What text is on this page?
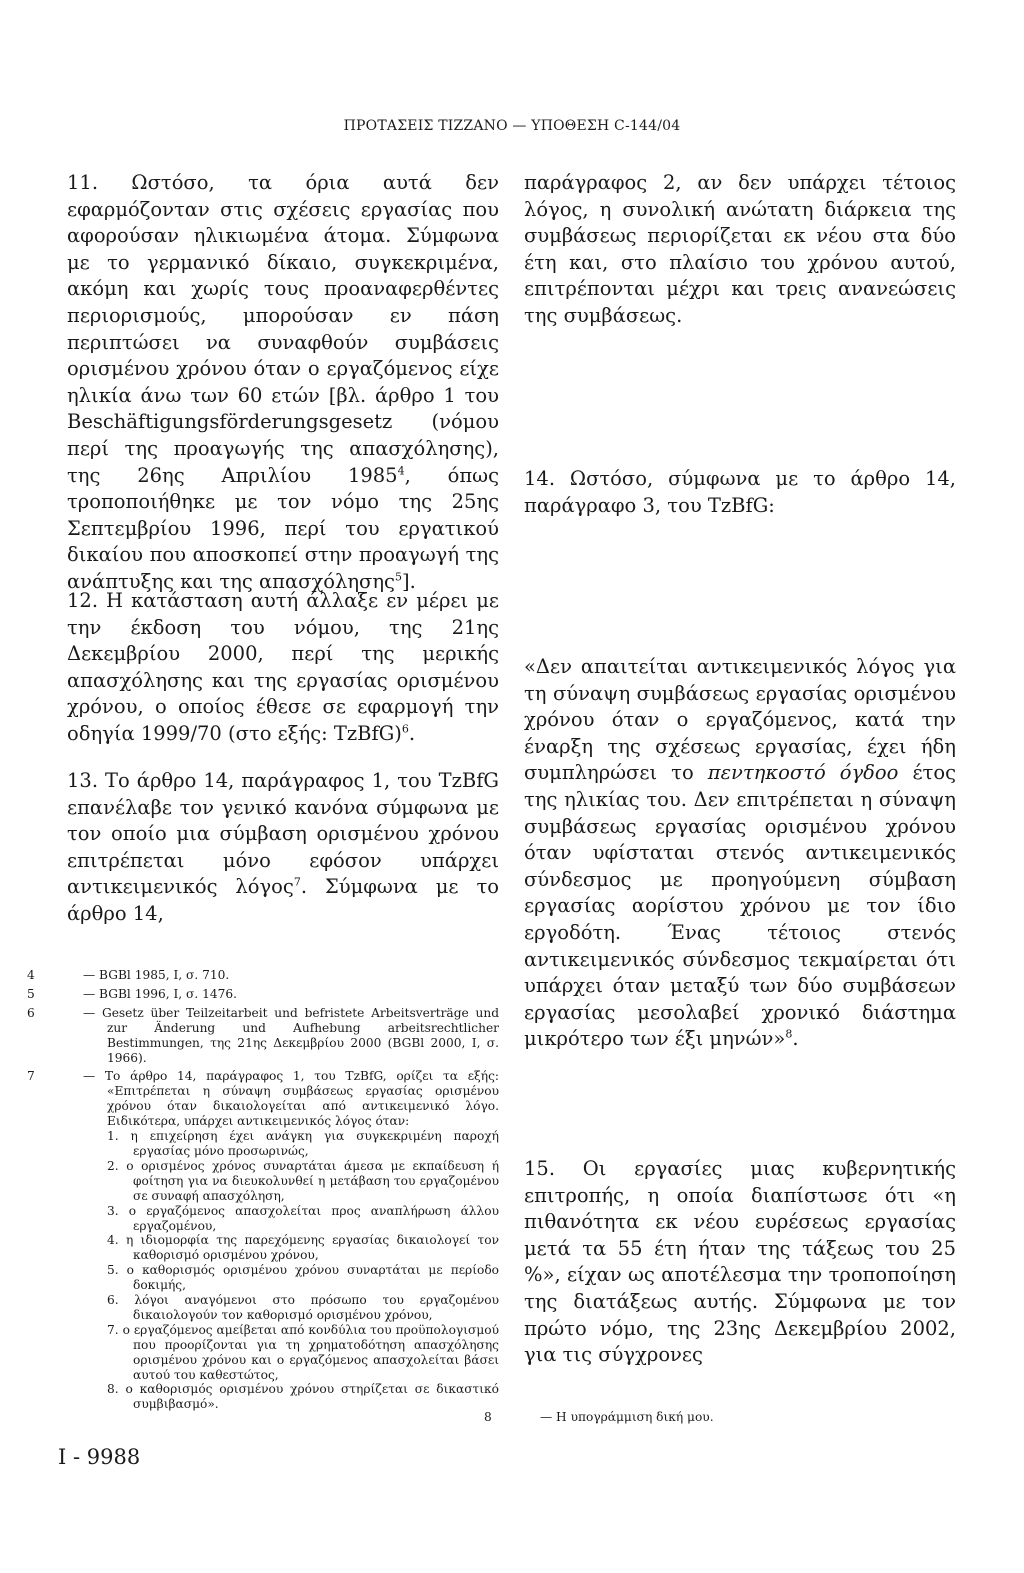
ΠΡΟΤΑΣΕΙΣ ΤΙΖΖΑΝΟ — ΥΠΟΘΕΣΗ C-144/04

11. Ωστόσο, τα όρια αυτά δεν εφαρμόζονταν στις σχέσεις εργασίας που αφορούσαν ηλικιωμένα άτομα. Σύμφωνα με το γερμανικό δίκαιο, συγκεκριμένα, ακόμη και χωρίς τους προαναφερθέντες περιορισμούς, μπορούσαν εν πάση περιπτώσει να συναφθούν συμβάσεις ορισμένου χρόνου όταν ο εργαζόμενος είχε ηλικία άνω των 60 ετών [βλ. άρθρο 1 του Beschäftigungsförderungsgesetz (νόμου περί της προαγωγής της απασχόλησης), της 26ης Απριλίου 1985$^4$, όπως τροποποιήθηκε με τον νόμο της 25ης Σεπτεμβρίου 1996, περί του εργατικού δικαίου που αποσκοπεί στην προαγωγή της ανάπτυξης και της απασχόλησης$^5$].

12. Η κατάσταση αυτή άλλαξε εν μέρει με την έκδοση του νόμου, της 21ης Δεκεμβρίου 2000, περί της μερικής απασχόλησης και της εργασίας ορισμένου χρόνου, ο οποίος έθεσε σε εφαρμογή την οδηγία 1999/70 (στο εξής: TzBfG)$^6$.

13. Το άρθρο 14, παράγραφος 1, του TzBfG επανέλαβε τον γενικό κανόνα σύμφωνα με τον οποίο μια σύμβαση ορισμένου χρόνου επιτρέπεται μόνο εφόσον υπάρχει αντικειμενικός λόγος$^7$. Σύμφωνα με το άρθρο 14,

4	— BGBl 1985, I, σ. 710.
5	— BGBl 1996, I, σ. 1476.
6	— Gesetz über Teilzeitarbeit und befristete Arbeitsverträge und zur Änderung und Aufhebung arbeitsrechtlicher Bestimmungen, της 21ης Δεκεμβρίου 2000 (BGBl 2000, I, σ. 1966).
7	— Το άρθρο 14, παράγραφος 1, του TzBfG, ορίζει τα εξής: «Επιτρέπεται η σύναψη συμβάσεως εργασίας ορισμένου χρόνου όταν δικαιολογείται από αντικειμενικό λόγο. Ειδικότερα, υπάρχει αντικειμενικός λόγος όταν:
1. η επιχείρηση έχει ανάγκη για συγκεκριμένη παροχή εργασίας μόνο προσωρινώς,
2. ο ορισμένος χρόνος συναρτάται άμεσα με εκπαίδευση ή φοίτηση για να διευκολυνθεί η μετάβαση του εργαζομένου σε συναφή απασχόληση,
3. ο εργαζόμενος απασχολείται προς αναπλήρωση άλλου εργαζομένου,
4. η ιδιομορφία της παρεχόμενης εργασίας δικαιολογεί τον καθορισμό ορισμένου χρόνου,
5. ο καθορισμός ορισμένου χρόνου συναρτάται με περίοδο δοκιμής,
6. λόγοι αναγόμενοι στο πρόσωπο του εργαζομένου δικαιολογούν τον καθορισμό ορισμένου χρόνου,
7. ο εργαζόμενος αμείβεται από κονδύλια του προϋπολογισμού που προορίζονται για τη χρηματοδότηση απασχόλησης ορισμένου χρόνου και ο εργαζόμενος απασχολείται βάσει αυτού του καθεστώτος,
8. ο καθορισμός ορισμένου χρόνου στηρίζεται σε δικαστικό συμβιβασμό».
I - 9988

παράγραφος 2, αν δεν υπάρχει τέτοιος λόγος, η συνολική ανώτατη διάρκεια της συμβάσεως περιορίζεται εκ νέου στα δύο έτη και, στο πλαίσιο του χρόνου αυτού, επιτρέπονται μέχρι και τρεις ανανεώσεις της συμβάσεως.

14. Ωστόσο, σύμφωνα με το άρθρο 14, παράγραφο 3, του TzBfG:

«Δεν απαιτείται αντικειμενικός λόγος για τη σύναψη συμβάσεως εργασίας ορισμένου χρόνου όταν ο εργαζόμενος, κατά την έναρξη της σχέσεως εργασίας, έχει ήδη συμπληρώσει το πεντηκοστό όγδοο έτος της ηλικίας του. Δεν επιτρέπεται η σύναψη συμβάσεως εργασίας ορισμένου χρόνου όταν υφίσταται στενός αντικειμενικός σύνδεσμος με προηγούμενη σύμβαση εργασίας αορίστου χρόνου με τον ίδιο εργοδότη. Ένας τέτοιος στενός αντικειμενικός σύνδεσμος τεκμαίρεται ότι υπάρχει όταν μεταξύ των δύο συμβάσεων εργασίας μεσολαβεί χρονικό διάστημα μικρότερο των έξι μηνών»$^8$.

15. Οι εργασίες μιας κυβερνητικής επιτροπής, η οποία διαπίστωσε ότι «η πιθανότητα εκ νέου ευρέσεως εργασίας μετά τα 55 έτη ήταν της τάξεως του 25 %», είχαν ως αποτέλεσμα την τροποποίηση της διατάξεως αυτής. Σύμφωνα με τον πρώτο νόμο, της 23ης Δεκεμβρίου 2002, για τις σύγχρονες

8	— Η υπογράμμιση δική μου.
